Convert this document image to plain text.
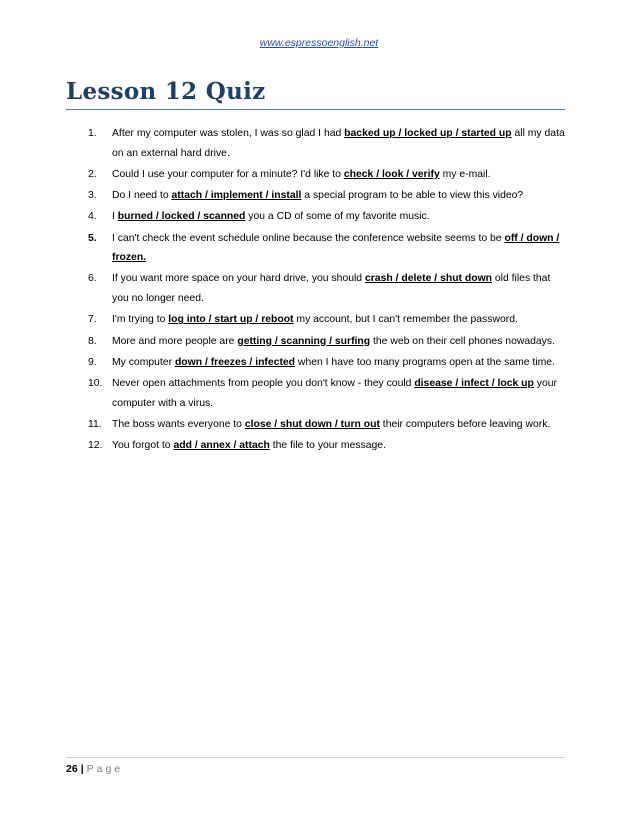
www.espressoenglish.net
Lesson 12 Quiz
1. After my computer was stolen, I was so glad I had backed up / locked up / started up all my data on an external hard drive.
2. Could I use your computer for a minute? I'd like to check / look / verify my e-mail.
3. Do I need to attach / implement / install a special program to be able to view this video?
4. I burned / locked / scanned you a CD of some of my favorite music.
5. I can't check the event schedule online because the conference website seems to be off / down / frozen.
6. If you want more space on your hard drive, you should crash / delete / shut down old files that you no longer need.
7. I'm trying to log into / start up / reboot my account, but I can't remember the password.
8. More and more people are getting / scanning / surfing the web on their cell phones nowadays.
9. My computer down / freezes / infected when I have too many programs open at the same time.
10. Never open attachments from people you don't know - they could disease / infect / lock up your computer with a virus.
11. The boss wants everyone to close / shut down / turn out their computers before leaving work.
12. You forgot to add / annex / attach the file to your message.
26 | Page
